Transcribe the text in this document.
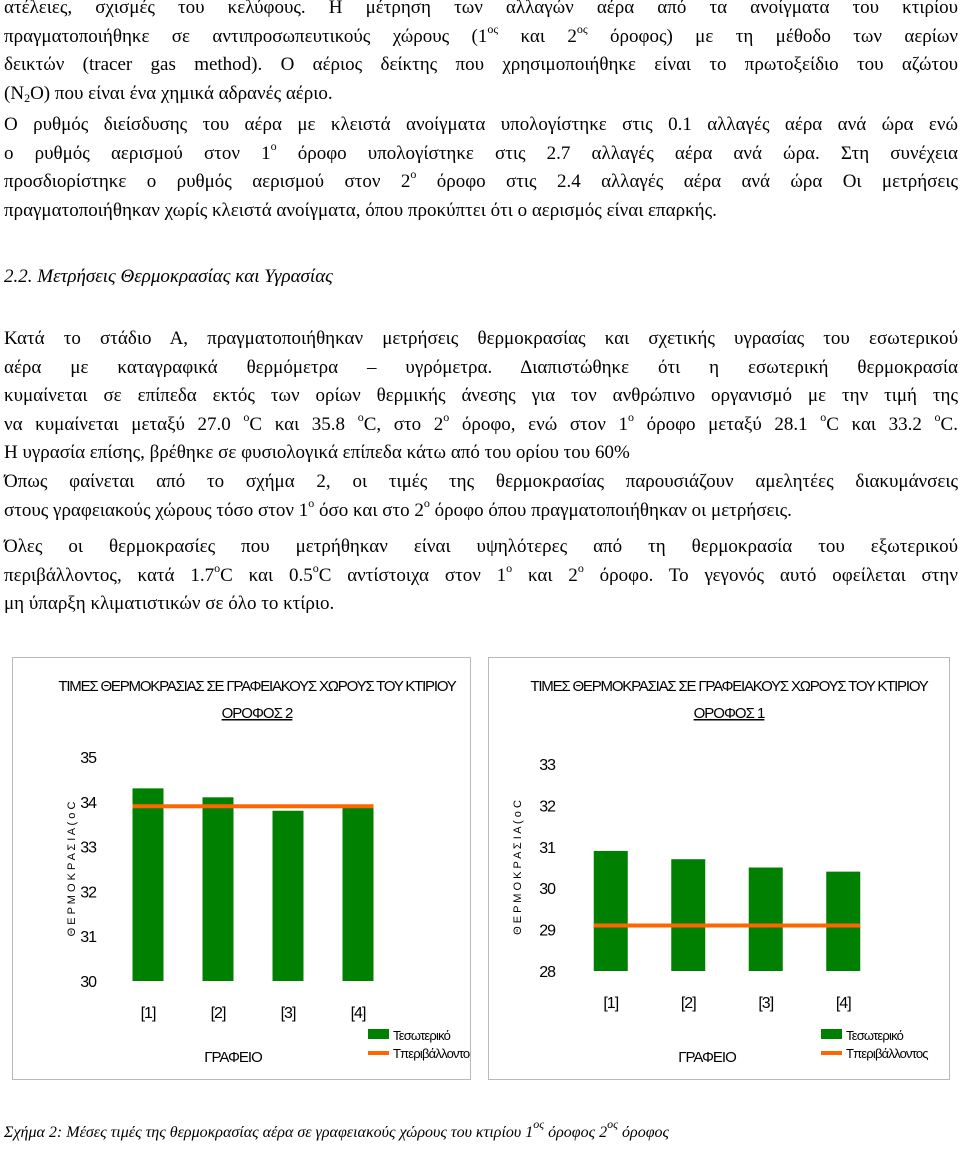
ατέλειες, σχισμές του κελύφους. Η μέτρηση των αλλαγών αέρα από τα ανοίγματα του κτιρίου
πραγματοποιήθηκε σε αντιπροσωπευτικούς χώρους ($1^{o\varsigma}$ και $2^{o\varsigma}$ όροφος) με τη μέθοδο των αερίων
δεικτών (tracer gas method). Ο αέριος δείκτης που χρησιμοποιήθηκε είναι το πρωτοξείδιο του αζώτου
$(N_2O)$ που είναι ένα χημικά αδρανές αέριο.
Ο ρυθμός διείσδυσης του αέρα με κλειστά ανοίγματα υπολογίστηκε στις 0.1 αλλαγές αέρα ανά ώρα ενώ
ο ρυθμός αερισμού στον $1^o$ όροφο υπολογίστηκε στις 2.7 αλλαγές αέρα ανά ώρα. Στη συνέχεια
προσδιορίστηκε ο ρυθμός αερισμού στον $2^o$ όροφο στις 2.4 αλλαγές αέρα ανά ώρα Οι μετρήσεις
πραγματοποιήθηκαν χωρίς κλειστά ανοίγματα, όπου προκύπτει ότι ο αερισμός είναι επαρκής.
2.2. Μετρήσεις Θερμοκρασίας και Υγρασίας
Κατά το στάδιο Α, πραγματοποιήθηκαν μετρήσεις θερμοκρασίας και σχετικής υγρασίας του εσωτερικού
αέρα με καταγραφικά θερμόμετρα – υγρόμετρα. Διαπιστώθηκε ότι η εσωτερική θερμοκρασία
κυμαίνεται σε επίπεδα εκτός των ορίων θερμικής άνεσης για τον ανθρώπινο οργανισμό με την τιμή της
να κυμαίνεται μεταξύ 27.0 $^o$C και 35.8 $^o$C, στο $2^o$ όροφο, ενώ στον $1^o$ όροφο μεταξύ 28.1 $^o$C και 33.2 $^o$C.
Η υγρασία επίσης, βρέθηκε σε φυσιολογικά επίπεδα κάτω από του ορίου του 60%
Όπως φαίνεται από το σχήμα 2, οι τιμές της θερμοκρασίας παρουσιάζουν αμελητέες διακυμάνσεις
στους γραφειακούς χώρους τόσο στον $1^o$ όσο και στο $2^o$ όροφο όπου πραγματοποιήθηκαν οι μετρήσεις.
Όλες οι θερμοκρασίες που μετρήθηκαν είναι υψηλότερες από τη θερμοκρασία του εξωτερικού
περιβάλλοντος, κατά $1.7^oC$ και $0.5^oC$ αντίστοιχα στον $1^o$ και $2^o$ όροφο. Το γεγονός αυτό οφείλεται στην
μη ύπαρξη κλιματιστικών σε όλο το κτίριο.
ΤΙΜΕΣ ΘΕΡΜΟΚΡΑΣΙΑΣ ΣΕ ΓΡΑΦΕΙΑΚΟΥΣ ΧΩΡΟΥΣ ΤΟΥ ΚΤΙΡΙΟΥ
ΟΡΟΦΟΣ 2
30
31
32
33
34
35
Θ Ε Ρ Μ Ο Κ Ρ Α Σ Ι Α ( ο C
[1]	[2]	[3]	[4]
ΓΡΑΦΕΙΟ
Τεσωτερικό
Τπεριβάλλοντος
ΤΙΜΕΣ ΘΕΡΜΟΚΡΑΣΙΑΣ ΣΕ ΓΡΑΦΕΙΑΚΟΥΣ ΧΩΡΟΥΣ ΤΟΥ ΚΤΙΡΙΟΥ
ΟΡΟΦΟΣ 1
28
29
30
31
32
33
Θ Ε Ρ Μ Ο Κ Ρ Α Σ Ι Α ( ο C
[1]	[2]	[3]	[4]
ΓΡΑΦΕΙΟ
Τεσωτερικό
Τπεριβάλλοντος
Σχήμα 2: Μέσες τιμές της θερμοκρασίας αέρα σε γραφειακούς χώρους του κτιρίου $1^{o\varsigma}$ όροφος $2^{o\varsigma}$ όροφος
